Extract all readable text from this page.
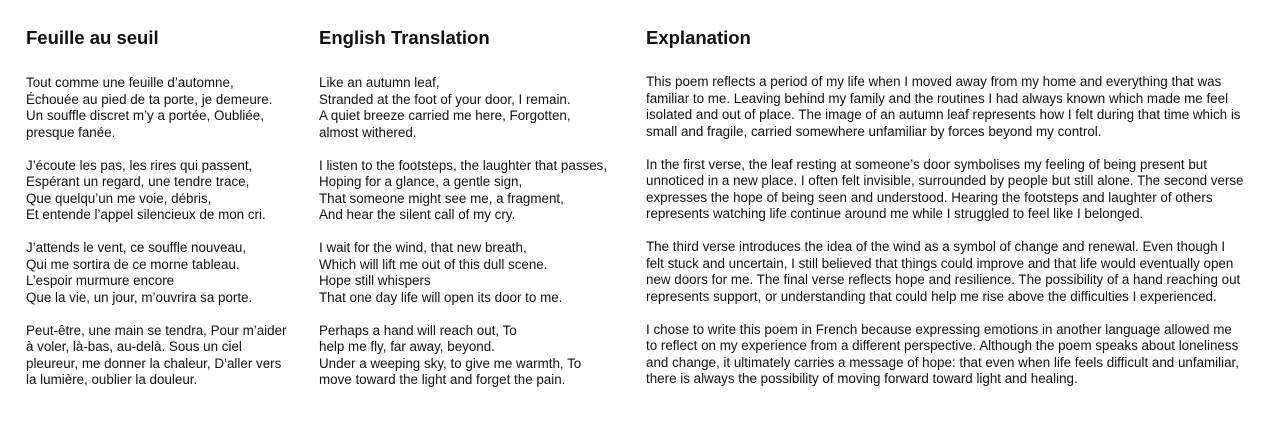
Feuille au seuil

Tout comme une feuille d’automne,
Échouée au pied de ta porte, je demeure.
Un souffle discret m’y a portée, Oubliée,
presque fanée.

J’écoute les pas, les rires qui passent,
Espérant un regard, une tendre trace,
Que quelqu’un me voie, débris,
Et entende l’appel silencieux de mon cri.

J’attends le vent, ce souffle nouveau,
Qui me sortira de ce morne tableau.
L’espoir murmure encore
Que la vie, un jour, m’ouvrira sa porte.

Peut-être, une main se tendra, Pour m’aider
à voler, là-bas, au-delà. Sous un ciel
pleureur, me donner la chaleur, D’aller vers
la lumière, oublier la douleur.

English Translation

Like an autumn leaf,
Stranded at the foot of your door, I remain.
A quiet breeze carried me here, Forgotten,
almost withered.

I listen to the footsteps, the laughter that passes,
Hoping for a glance, a gentle sign,
That someone might see me, a fragment,
And hear the silent call of my cry.

I wait for the wind, that new breath,
Which will lift me out of this dull scene.
Hope still whispers
That one day life will open its door to me.

Perhaps a hand will reach out, To
help me fly, far away, beyond.
Under a weeping sky, to give me warmth, To
move toward the light and forget the pain.

Explanation

This poem reflects a period of my life when I moved away from my home and everything that was familiar to me. Leaving behind my family and the routines I had always known which made me feel isolated and out of place. The image of an autumn leaf represents how I felt during that time which is small and fragile, carried somewhere unfamiliar by forces beyond my control.

In the first verse, the leaf resting at someone’s door symbolises my feeling of being present but unnoticed in a new place. I often felt invisible, surrounded by people but still alone. The second verse expresses the hope of being seen and understood. Hearing the footsteps and laughter of others represents watching life continue around me while I struggled to feel like I belonged.

The third verse introduces the idea of the wind as a symbol of change and renewal. Even though I felt stuck and uncertain, I still believed that things could improve and that life would eventually open new doors for me. The final verse reflects hope and resilience. The possibility of a hand reaching out represents support, or understanding that could help me rise above the difficulties I experienced.

I chose to write this poem in French because expressing emotions in another language allowed me to reflect on my experience from a different perspective. Although the poem speaks about loneliness and change, it ultimately carries a message of hope: that even when life feels difficult and unfamiliar, there is always the possibility of moving forward toward light and healing.
